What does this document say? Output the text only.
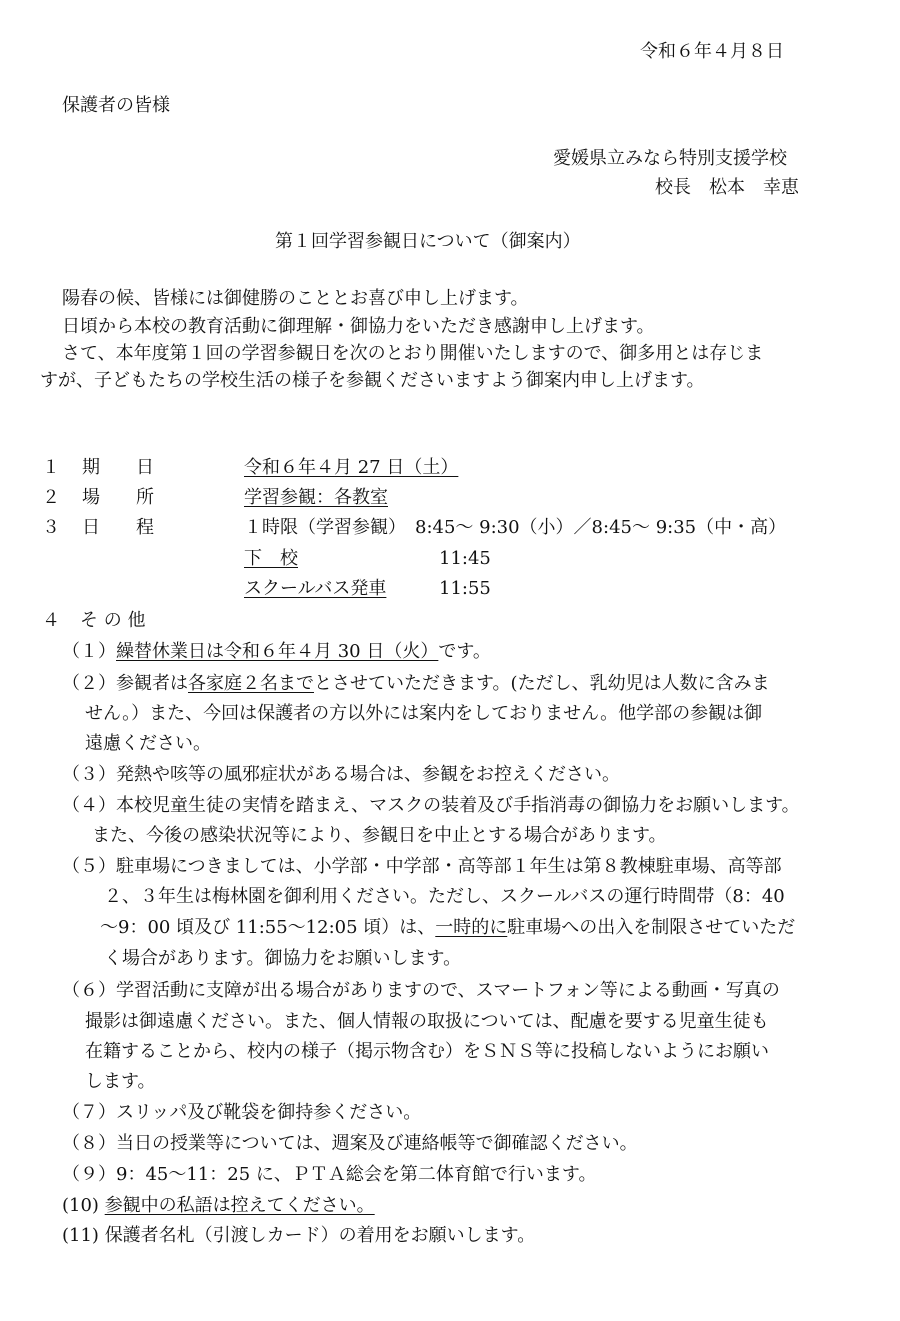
令和６年４月８日
保護者の皆様
愛媛県立みなら特別支援学校
校長　松本　幸恵
第１回学習参観日について（御案内）
陽春の候、皆様には御健勝のこととお喜び申し上げます。
日頃から本校の教育活動に御理解・御協力をいただき感謝申し上げます。
さて、本年度第１回の学習参観日を次のとおり開催いたしますので、御多用とは存じま
すが、子どもたちの学校生活の様子を参観くださいますよう御案内申し上げます。
１ 期　　日	令和６年４月 27 日（土）
２ 場　　所	学習参観：各教室
３ 日　　程	１時限（学習参観）　8:45～ 9:30（小）／8:45～ 9:35（中・高）
下　校	11:45
スクールバス発車	11:55
４ そ の 他
（１）繰替休業日は令和６年４月 30 日（火）です。
（２）参観者は各家庭２名までとさせていただきます。(ただし、乳幼児は人数に含みま
せん。）また、今回は保護者の方以外には案内をしておりません。他学部の参観は御
遠慮ください。
（３）発熱や咳等の風邪症状がある場合は、参観をお控えください。
（４）本校児童生徒の実情を踏まえ、マスクの装着及び手指消毒の御協力をお願いします。
また、今後の感染状況等により、参観日を中止とする場合があります。
（５）駐車場につきましては、小学部・中学部・高等部１年生は第８教棟駐車場、高等部
２、３年生は梅林園を御利用ください。ただし、スクールバスの運行時間帯（8：40
～9：00 頃及び 11:55～12:05 頃）は、一時的に駐車場への出入を制限させていただ
く場合があります。御協力をお願いします。
（６）学習活動に支障が出る場合がありますので、スマートフォン等による動画・写真の
撮影は御遠慮ください。また、個人情報の取扱については、配慮を要する児童生徒も
在籍することから、校内の様子（掲示物含む）をＳＮＳ等に投稿しないようにお願い
します。
（７）スリッパ及び靴袋を御持参ください。
（８）当日の授業等については、週案及び連絡帳等で御確認ください。
（９）9：45～11：25 に、ＰＴＡ総会を第二体育館で行います。
(10) 参観中の私語は控えてください。
(11) 保護者名札（引渡しカード）の着用をお願いします。
